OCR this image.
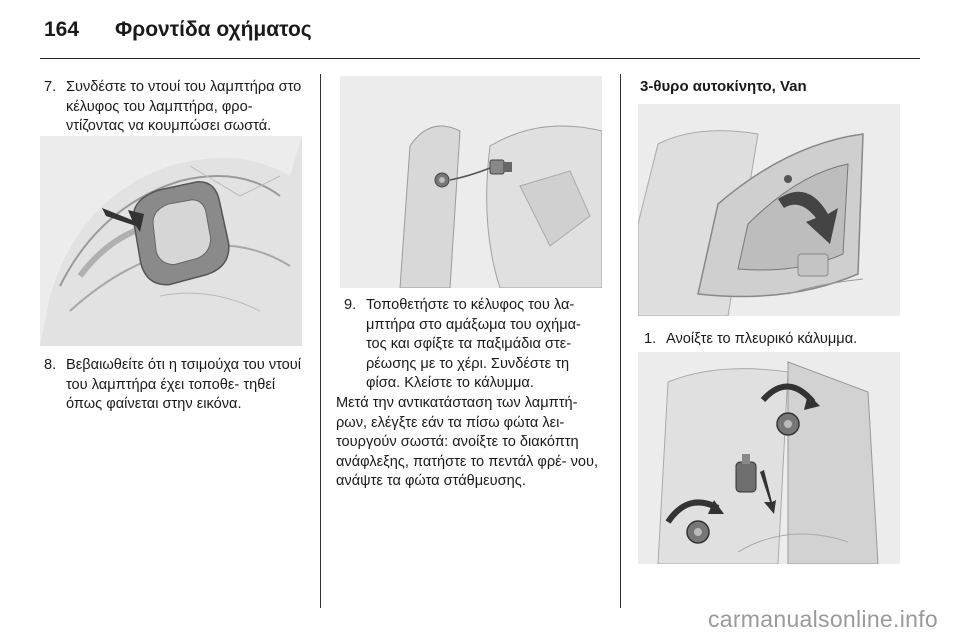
164 Φροντίδα οχήματος
7. Συνδέστε το ντουί του λαμπτήρα στο κέλυφος του λαμπτήρα, φρο- ντίζοντας να κουμπώσει σωστά.
8. Βεβαιωθείτε ότι η τσιμούχα του ντουί του λαμπτήρα έχει τοποθε- τηθεί όπως φαίνεται στην εικόνα.
9. Τοποθετήστε το κέλυφος του λα- μπτήρα στο αμάξωμα του οχήμα- τος και σφίξτε τα παξιμάδια στε- ρέωσης με το χέρι. Συνδέστε τη φίσα. Κλείστε το κάλυμμα.
Μετά την αντικατάσταση των λαμπτή- ρων, ελέγξτε εάν τα πίσω φώτα λει- τουργούν σωστά: ανοίξτε το διακόπτη ανάφλεξης, πατήστε το πεντάλ φρέ- νου, ανάψτε τα φώτα στάθμευσης.
3-θυρο αυτοκίνητο, Van
1. Ανοίξτε το πλευρικό κάλυμμα.
carmanualsonline.info
